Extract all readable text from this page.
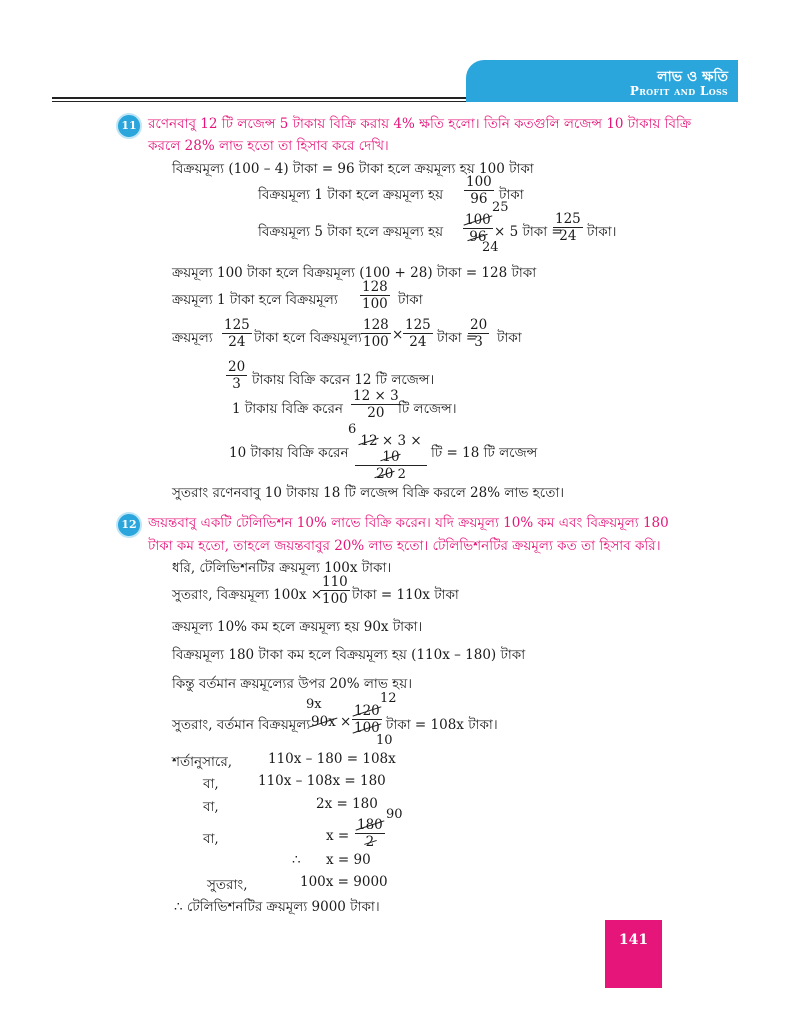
লাভ ও ক্ষতি
Profit and Loss
11 রণেনবাবু 12 টি লজেন্স 5 টাকায় বিক্রি করায় 4% ক্ষতি হলো। তিনি কতগুলি লজেন্স 10 টাকায় বিক্রি
করলে 28% লাভ হতো তা হিসাব করে দেখি।
বিক্রয়মূল্য (100 – 4) টাকা = 96 টাকা হলে ক্রয়মূল্য হয় 100 টাকা
বিক্রয়মূল্য 1 টাকা হলে ক্রয়মূল্য হয় $\frac{100}{96}$ টাকা
বিক্রয়মূল্য 5 টাকা হলে ক্রয়মূল্য হয়
25
$\frac{100}{96}$
24
× 5 টাকা =
$\frac{125}{24}$ টাকা।
ক্রয়মূল্য 100 টাকা হলে বিক্রয়মূল্য (100 + 28) টাকা = 128 টাকা
ক্রয়মূল্য 1 টাকা হলে বিক্রয়মূল্য $\frac{128}{100}$ টাকা
ক্রয়মূল্য $\frac{125}{24}$ টাকা হলে বিক্রয়মূল্য $\frac{128}{100} \times \frac{125}{24}$ টাকা =
$\frac{20}{3}$ টাকা
$\frac{20}{3}$ টাকায় বিক্রি করেন 12 টি লজেন্স।
1 টাকায় বিক্রি করেন $\frac{12 \times 3}{20}$
টি লজেন্স।
10 টাকায় বিক্রি করেন
6
$\frac{12 \times 3 \times 10}{20 2}$ টি = 18 টি লজেন্স
সুতরাং রণেনবাবু 10 টাকায় 18 টি লজেন্স বিক্রি করলে 28% লাভ হতো।
12 জয়ন্তবাবু একটি টেলিভিশন 10% লাভে বিক্রি করেন। যদি ক্রয়মূল্য 10% কম এবং বিক্রয়মূল্য 180
টাকা কম হতো, তাহলে জয়ন্তবাবুর 20% লাভ হতো। টেলিভিশনটির ক্রয়মূল্য কত তা হিসাব করি।
ধরি, টেলিভিশনটির ক্রয়মূল্য 100x টাকা।
সুতরাং, বিক্রয়মূল্য 100x ×
$\frac{110}{100}$ টাকা = 110x টাকা
ক্রয়মূল্য 10% কম হলে ক্রয়মূল্য হয় 90x টাকা।
বিক্রয়মূল্য 180 টাকা কম হলে বিক্রয়মূল্য হয় (110x – 180) টাকা
কিন্তু বর্তমান ক্রয়মূল্যের উপর 20% লাভ হয়।
সুতরাং, বর্তমান বিক্রয়মূল্য
9x
90x ×
12
$\frac{120}{100}$
10
টাকা = 108x টাকা।
শর্তানুসারে,	110x – 180 = 108x
বা,	110x – 108x = 180
বা,	2x = 180
বা,	$x = \frac{180}{2}$
90
∴ x = 90
সুতরাং,	100x = 9000
∴ টেলিভিশনটির ক্রয়মূল্য 9000 টাকা।
141
